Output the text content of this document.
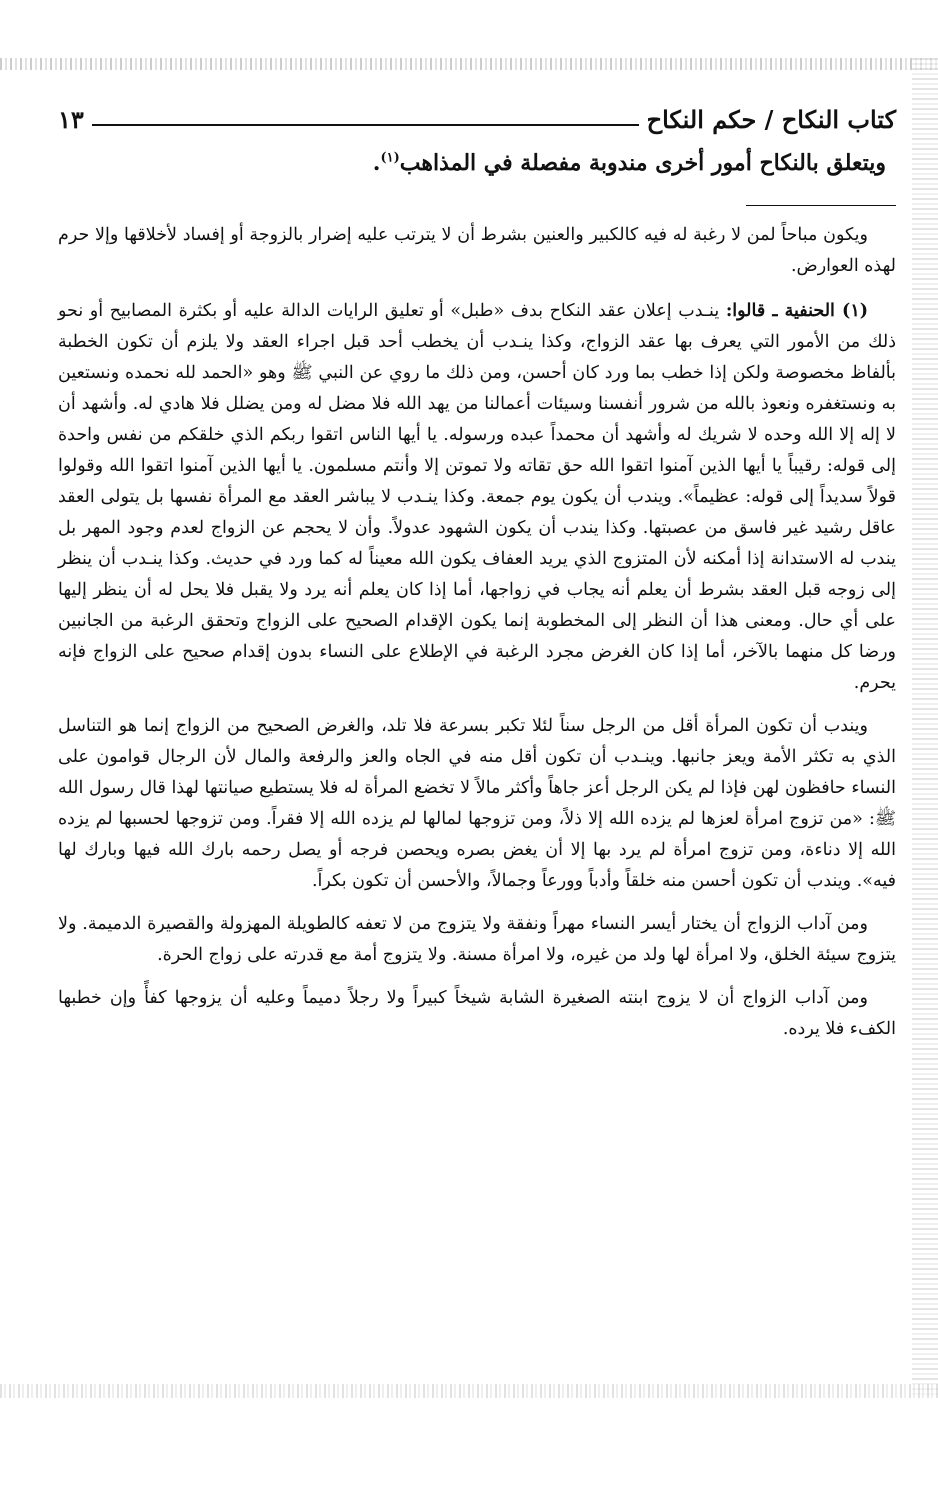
كتاب النكاح / حكم النكاح
١٣
ويتعلق بالنكاح أمور أخرى مندوبة مفصلة في المذاهب$^{(١)}$.

ويكون مباحاً لمن لا رغبة له فيه كالكبير والعنين بشرط أن لا يترتب عليه إضرار بالزوجة أو إفساد لأخلاقها وإلا حرم لهذه العوارض.

(١) الحنفية ـ قالوا: ينـدب إعلان عقد النكاح بدف «طبل» أو تعليق الرايات الدالة عليه أو بكثرة المصابيح أو نحو ذلك من الأمور التي يعرف بها عقد الزواج، وكذا ينـدب أن يخطب أحد قبل اجراء العقد ولا يلزم أن تكون الخطبة بألفاظ مخصوصة ولكن إذا خطب بما ورد كان أحسن، ومن ذلك ما روي عن النبي ﷺ وهو «الحمد لله نحمده ونستعين به ونستغفره ونعوذ بالله من شرور أنفسنا وسيئات أعمالنا من يهد الله فلا مضل له ومن يضلل فلا هادي له. وأشهد أن لا إله إلا الله وحده لا شريك له وأشهد أن محمداً عبده ورسوله. يا أيها الناس اتقوا ربكم الذي خلقكم من نفس واحدة إلى قوله: رقيباً يا أيها الذين آمنوا اتقوا الله حق تقاته ولا تموتن إلا وأنتم مسلمون. يا أيها الذين آمنوا اتقوا الله وقولوا قولاً سديداً إلى قوله: عظيماً». ويندب أن يكون يوم جمعة. وكذا ينـدب لا يباشر العقد مع المرأة نفسها بل يتولى العقد عاقل رشيد غير فاسق من عصبتها. وكذا يندب أن يكون الشهود عدولاً. وأن لا يحجم عن الزواج لعدم وجود المهر بل يندب له الاستدانة إذا أمكنه لأن المتزوج الذي يريد العفاف يكون الله معيناً له كما ورد في حديث. وكذا ينـدب أن ينظر إلى زوجه قبل العقد بشرط أن يعلم أنه يجاب في زواجها، أما إذا كان يعلم أنه يرد ولا يقبل فلا يحل له أن ينظر إليها على أي حال. ومعنى هذا أن النظر إلى المخطوبة إنما يكون الإقدام الصحيح على الزواج وتحقق الرغبة من الجانبين ورضا كل منهما بالآخر، أما إذا كان الغرض مجرد الرغبة في الإطلاع على النساء بدون إقدام صحيح على الزواج فإنه يحرم.

ويندب أن تكون المرأة أقل من الرجل سناً لئلا تكبر بسرعة فلا تلد، والغرض الصحيح من الزواج إنما هو التناسل الذي به تكثر الأمة ويعز جانبها. وينـدب أن تكون أقل منه في الجاه والعز والرفعة والمال لأن الرجال قوامون على النساء حافظون لهن فإذا لم يكن الرجل أعز جاهاً وأكثر مالاً لا تخضع المرأة له فلا يستطيع صيانتها لهذا قال رسول الله ﷺ: «من تزوج امرأة لعزها لم يزده الله إلا ذلاً، ومن تزوجها لمالها لم يزده الله إلا فقراً. ومن تزوجها لحسبها لم يزده الله إلا دناءة، ومن تزوج امرأة لم يرد بها إلا أن يغض بصره ويحصن فرجه أو يصل رحمه بارك الله فيها وبارك لها فيه». ويندب أن تكون أحسن منه خلقاً وأدباً وورعاً وجمالاً، والأحسن أن تكون بكراً.

ومن آداب الزواج أن يختار أيسر النساء مهراً ونفقة ولا يتزوج من لا تعفه كالطويلة المهزولة والقصيرة الدميمة. ولا يتزوج سيئة الخلق، ولا امرأة لها ولد من غيره، ولا امرأة مسنة. ولا يتزوج أمة مع قدرته على زواج الحرة.

ومن آداب الزواج أن لا يزوج ابنته الصغيرة الشابة شيخاً كبيراً ولا رجلاً دميماً وعليه أن يزوجها كفأً وإن خطبها الكفء فلا يرده.
